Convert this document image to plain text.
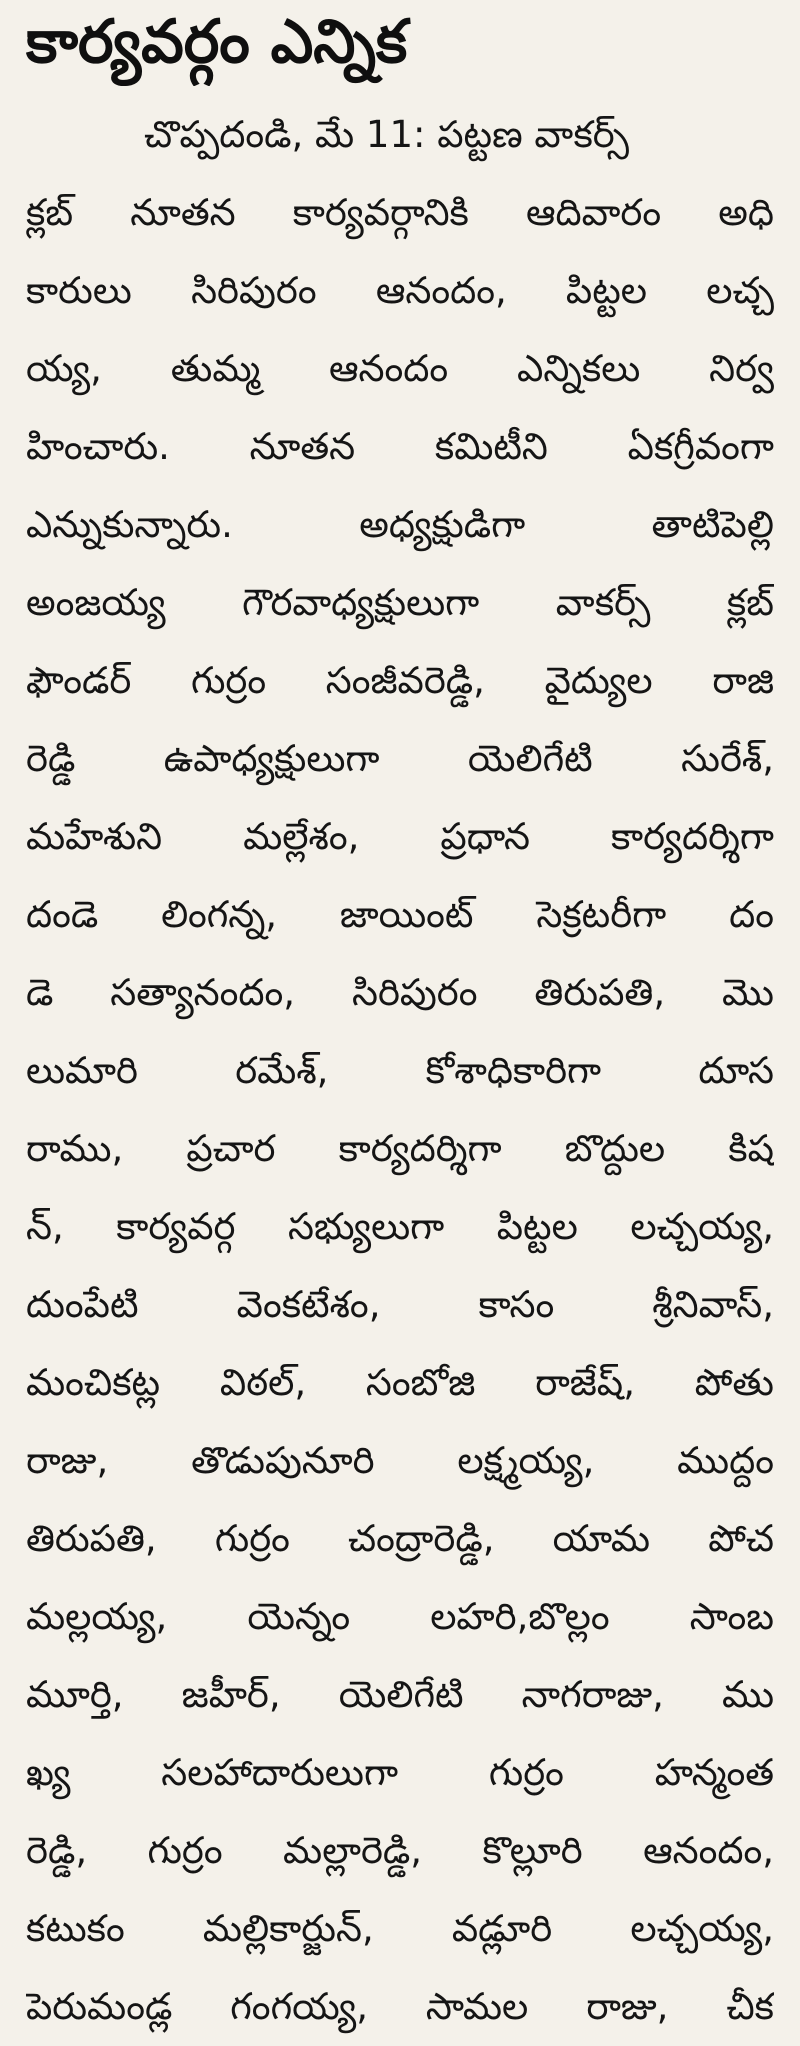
కార్యవర్గం ఎన్నిక
చొప్పదండి, మే 11: పట్టణ వాకర్స్
క్లబ్ నూతన కార్యవర్గానికి ఆదివారం అధి
కారులు సిరిపురం ఆనందం, పిట్టల లచ్చ
య్య, తుమ్మ ఆనందం ఎన్నికలు నిర్వ
హించారు. నూతన కమిటీని ఏకగ్రీవంగా
ఎన్నుకున్నారు. అధ్యక్షుడిగా తాటిపెల్లి
అంజయ్య గౌరవాధ్యక్షులుగా వాకర్స్ క్లబ్
ఫౌండర్ గుర్రం సంజీవరెడ్డి, వైద్యుల రాజి
రెడ్డి ఉపాధ్యక్షులుగా యెలిగేటి సురేశ్,
మహేశుని మల్లేశం, ప్రధాన కార్యదర్శిగా
దండె లింగన్న, జాయింట్ సెక్రటరీగా దం
డె సత్యానందం, సిరిపురం తిరుపతి, మొ
లుమారి రమేశ్, కోశాధికారిగా దూస
రాము, ప్రచార కార్యదర్శిగా బొద్దుల కిష
న్, కార్యవర్గ సభ్యులుగా పిట్టల లచ్చయ్య,
దుంపేటి వెంకటేశం, కాసం శ్రీనివాస్,
మంచికట్ల విఠల్, సంబోజి రాజేష్, పోతు
రాజు, తొడుపునూరి లక్ష్మయ్య, ముద్దం
తిరుపతి, గుర్రం చంద్రారెడ్డి, యామ పోచ
మల్లయ్య, యెన్నం లహరి,బొల్లం సాంబ
మూర్తి, జహీర్, యెలిగేటి నాగరాజు, ము
ఖ్య సలహాదారులుగా గుర్రం హన్మంత
రెడ్డి, గుర్రం మల్లారెడ్డి, కొల్లూరి ఆనందం,
కటుకం మల్లికార్జున్, వడ్లూరి లచ్చయ్య,
పెరుమండ్ల గంగయ్య, సామల రాజు, చీక
